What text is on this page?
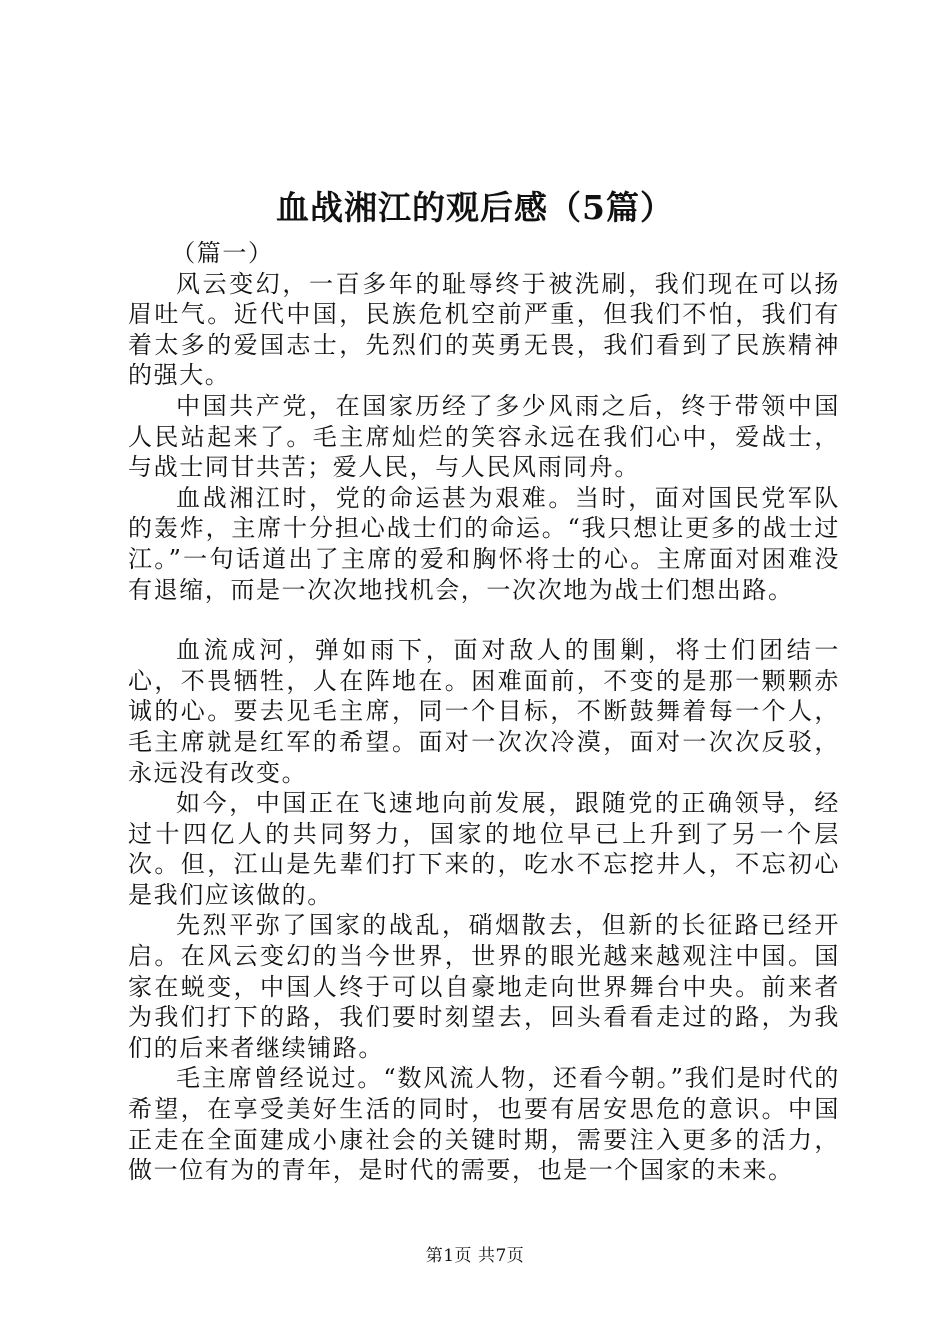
血战湘江的观后感（5篇）

（篇一）

风云变幻，一百多年的耻辱终于被洗刷，我们现在可以扬眉吐气。近代中国，民族危机空前严重，但我们不怕，我们有着太多的爱国志士，先烈们的英勇无畏，我们看到了民族精神的强大。

中国共产党，在国家历经了多少风雨之后，终于带领中国人民站起来了。毛主席灿烂的笑容永远在我们心中，爱战士，与战士同甘共苦；爱人民，与人民风雨同舟。

血战湘江时，党的命运甚为艰难。当时，面对国民党军队的轰炸，主席十分担心战士们的命运。“我只想让更多的战士过江。”一句话道出了主席的爱和胸怀将士的心。主席面对困难没有退缩，而是一次次地找机会，一次次地为战士们想出路。

血流成河，弹如雨下，面对敌人的围剿，将士们团结一心，不畏牺牲，人在阵地在。困难面前，不变的是那一颗颗赤诚的心。要去见毛主席，同一个目标，不断鼓舞着每一个人，毛主席就是红军的希望。面对一次次冷漠，面对一次次反驳，永远没有改变。

如今，中国正在飞速地向前发展，跟随党的正确领导，经过十四亿人的共同努力，国家的地位早已上升到了另一个层次。但，江山是先辈们打下来的，吃水不忘挖井人，不忘初心是我们应该做的。

先烈平弥了国家的战乱，硝烟散去，但新的长征路已经开启。在风云变幻的当今世界，世界的眼光越来越观注中国。国家在蜕变，中国人终于可以自豪地走向世界舞台中央。前来者为我们打下的路，我们要时刻望去，回头看看走过的路，为我们的后来者继续铺路。

毛主席曾经说过。“数风流人物，还看今朝。”我们是时代的希望，在享受美好生活的同时，也要有居安思危的意识。中国正走在全面建成小康社会的关键时期，需要注入更多的活力，做一位有为的青年，是时代的需要，也是一个国家的未来。

第1页 共7页
